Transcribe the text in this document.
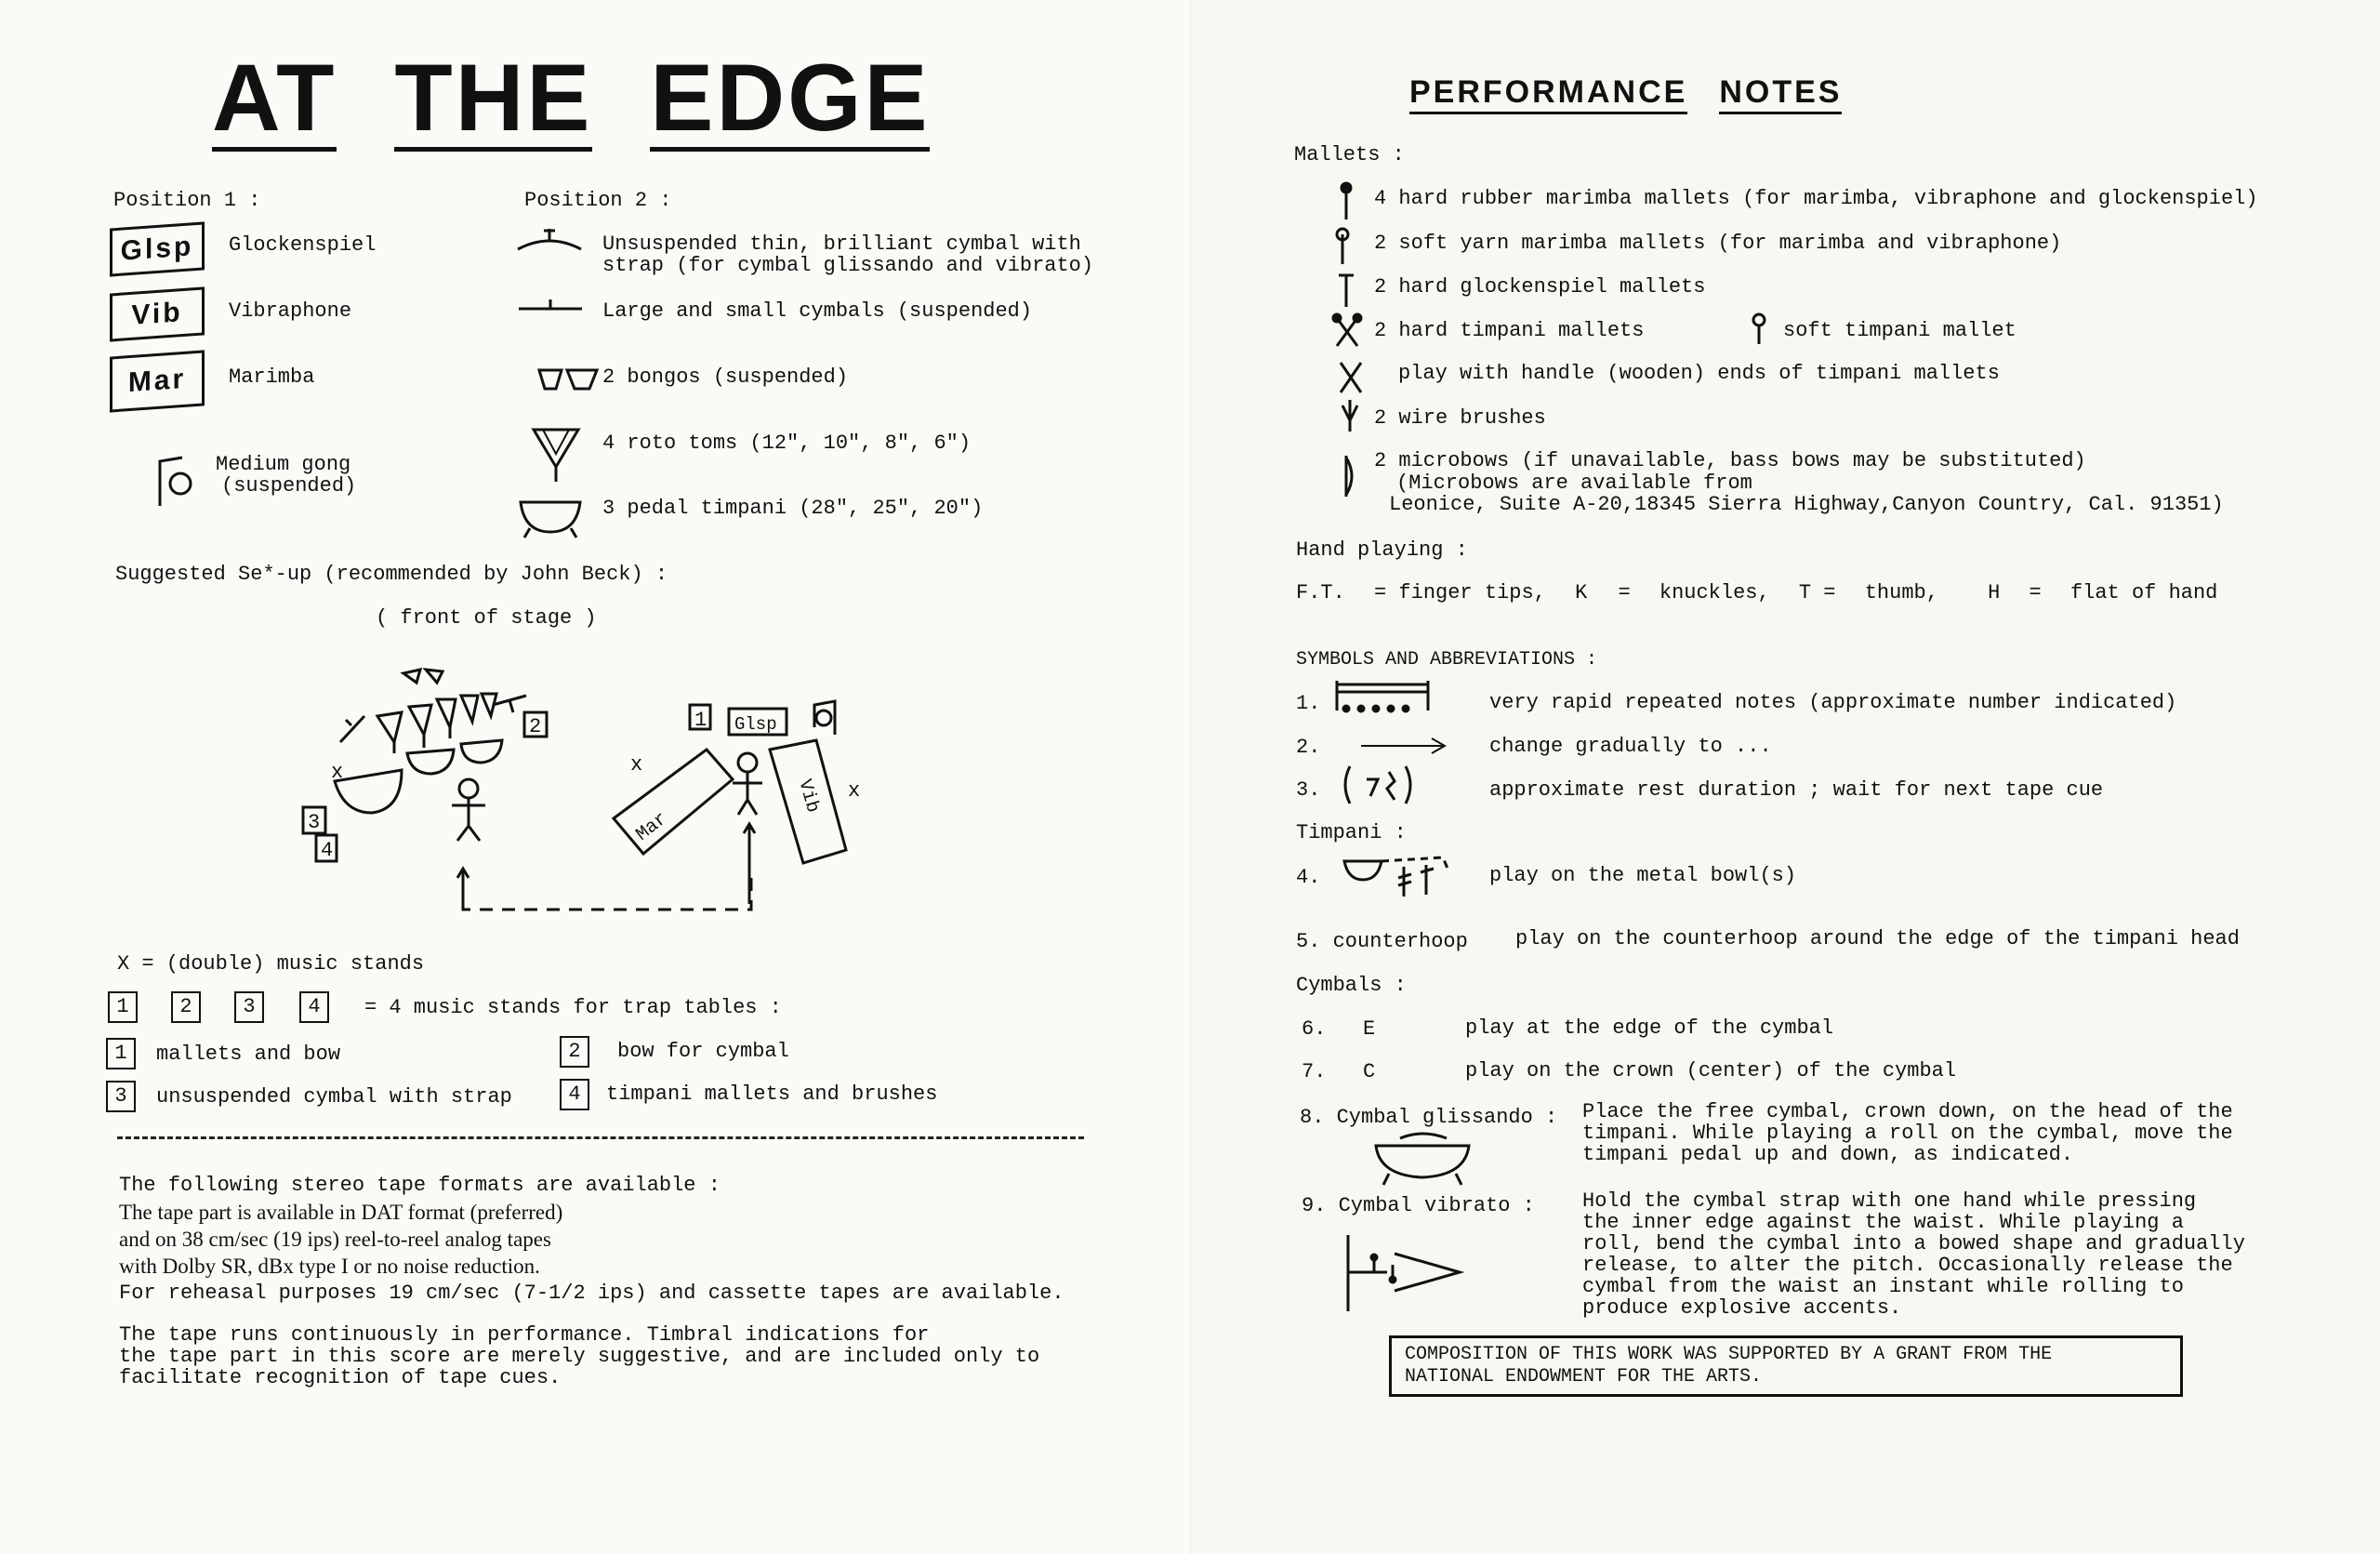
AT THE EDGE
Position 1 :
Glsp	Glockenspiel
Vib	Vibraphone
Mar	Marimba
Medium gong
(suspended)
Position 2 :
Unsuspended thin, brilliant cymbal with
strap (for cymbal glissando and vibrato)
Large and small cymbals (suspended)
2 bongos (suspended)
4 roto toms (12", 10", 8", 6")
3 pedal timpani (28", 25", 20")
Suggested Se*-up (recommended by John Beck) :
( front of stage )
x	x
x
Mar
Vib
Glsp
1
2
3
4
X = (double) music stands
1	2	3	4	= 4 music stands for trap tables :
1	mallets and bow	2	bow for cymbal
3	unsuspended cymbal with strap	4	timpani mallets and brushes
The following stereo tape formats are available :
The tape part is available in DAT format (preferred)
and on 38 cm/sec (19 ips) reel-to-reel analog tapes
with Dolby SR, dBx type I or no noise reduction.
For reheasal purposes 19 cm/sec (7-1/2 ips) and cassette tapes are available.
The tape runs continuously in performance. Timbral indications for
the tape part in this score are merely suggestive, and are included only to
facilitate recognition of tape cues.
PERFORMANCE NOTES
Mallets :
4 hard rubber marimba mallets (for marimba, vibraphone and glockenspiel)
2 soft yarn marimba mallets (for marimba and vibraphone)
2 hard glockenspiel mallets
2 hard timpani mallets	soft timpani mallet
play with handle (wooden) ends of timpani mallets
2 wire brushes
2 microbows (if unavailable, bass bows may be substituted)
(Microbows are available from
Leonice, Suite A-20,18345 Sierra Highway,Canyon Country, Cal. 91351)
Hand playing :
F.T. = finger tips, K = knuckles, T = thumb, H = flat of hand
SYMBOLS AND ABBREVIATIONS :
1.	very rapid repeated notes (approximate number indicated)
2.	change gradually to ...
3.	approximate rest duration ; wait for next tape cue
Timpani :
4.	play on the metal bowl(s)
5. counterhoop play on the counterhoop around the edge of the timpani head
Cymbals :
6. E	play at the edge of the cymbal
7. C	play on the crown (center) of the cymbal
8. Cymbal glissando : Place the free cymbal, crown down, on the head of the
timpani. While playing a roll on the cymbal, move the
timpani pedal up and down, as indicated.
9. Cymbal vibrato : Hold the cymbal strap with one hand while pressing
the inner edge against the waist. While playing a
roll, bend the cymbal into a bowed shape and gradually
release, to alter the pitch. Occasionally release the
cymbal from the waist an instant while rolling to
produce explosive accents.
COMPOSITION OF THIS WORK WAS SUPPORTED BY A GRANT FROM THE
NATIONAL ENDOWMENT FOR THE ARTS.
